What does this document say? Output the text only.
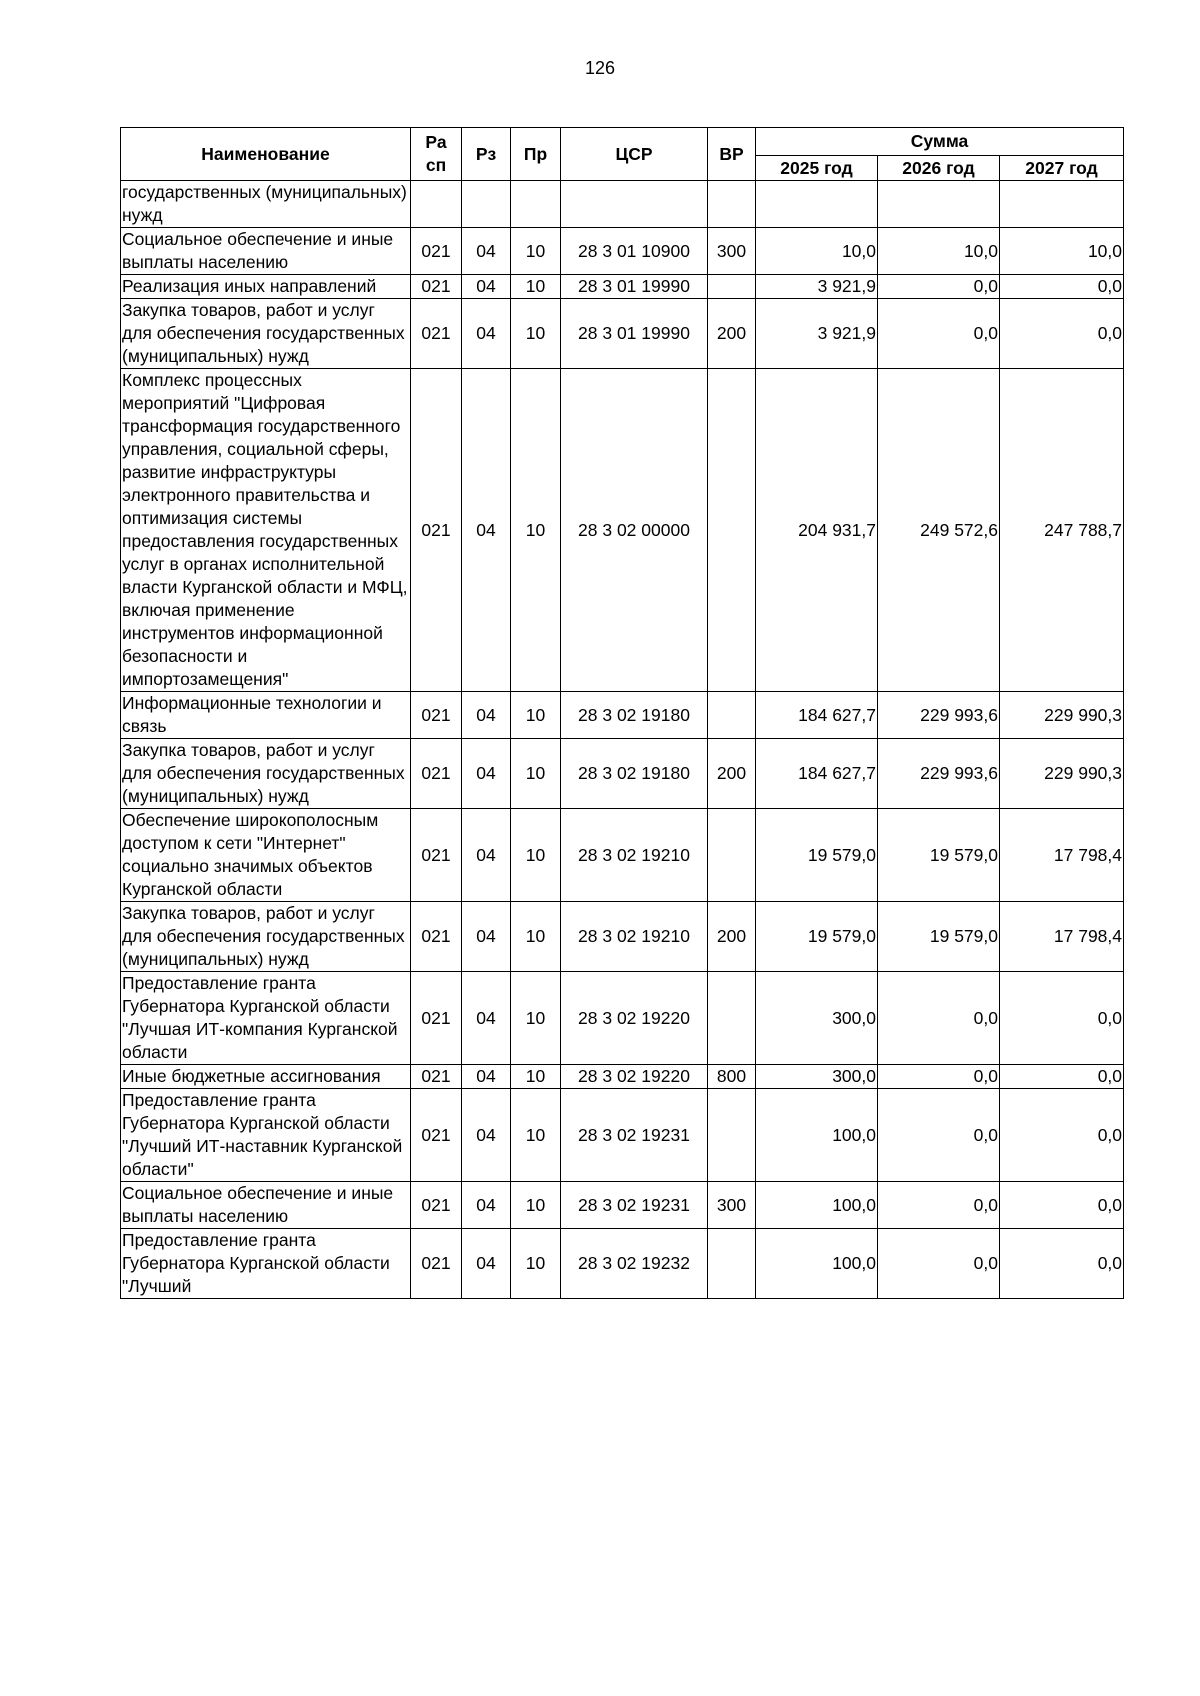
126
Наименование	Ра сп	Рз	Пр	ЦСР	ВР	Сумма		
						2025 год	2026 год	2027 год
государственных (муниципальных) нужд								
Социальное обеспечение и иные выплаты населению	021	04	10	28 3 01 10900	300	10,0	10,0	10,0
Реализация иных направлений	021	04	10	28 3 01 19990		3 921,9	0,0	0,0
Закупка товаров, работ и услуг для обеспечения государственных (муниципальных) нужд	021	04	10	28 3 01 19990	200	3 921,9	0,0	0,0
Комплекс процессных мероприятий "Цифровая трансформация государственного управления, социальной сферы, развитие инфраструктуры электронного правительства и оптимизация системы предоставления государственных услуг в органах исполнительной власти Курганской области и МФЦ, включая применение инструментов информационной безопасности и импортозамещения"	021	04	10	28 3 02 00000		204 931,7	249 572,6	247 788,7
Информационные технологии и связь	021	04	10	28 3 02 19180		184 627,7	229 993,6	229 990,3
Закупка товаров, работ и услуг для обеспечения государственных (муниципальных) нужд	021	04	10	28 3 02 19180	200	184 627,7	229 993,6	229 990,3
Обеспечение широкополосным доступом к сети "Интернет" социально значимых объектов Курганской области	021	04	10	28 3 02 19210		19 579,0	19 579,0	17 798,4
Закупка товаров, работ и услуг для обеспечения государственных (муниципальных) нужд	021	04	10	28 3 02 19210	200	19 579,0	19 579,0	17 798,4
Предоставление гранта Губернатора Курганской области "Лучшая ИТ-компания Курганской области	021	04	10	28 3 02 19220		300,0	0,0	0,0
Иные бюджетные ассигнования	021	04	10	28 3 02 19220	800	300,0	0,0	0,0
Предоставление гранта Губернатора Курганской области "Лучший ИТ-наставник Курганской области"	021	04	10	28 3 02 19231		100,0	0,0	0,0
Социальное обеспечение и иные выплаты населению	021	04	10	28 3 02 19231	300	100,0	0,0	0,0
Предоставление гранта Губернатора Курганской области "Лучший	021	04	10	28 3 02 19232		100,0	0,0	0,0
